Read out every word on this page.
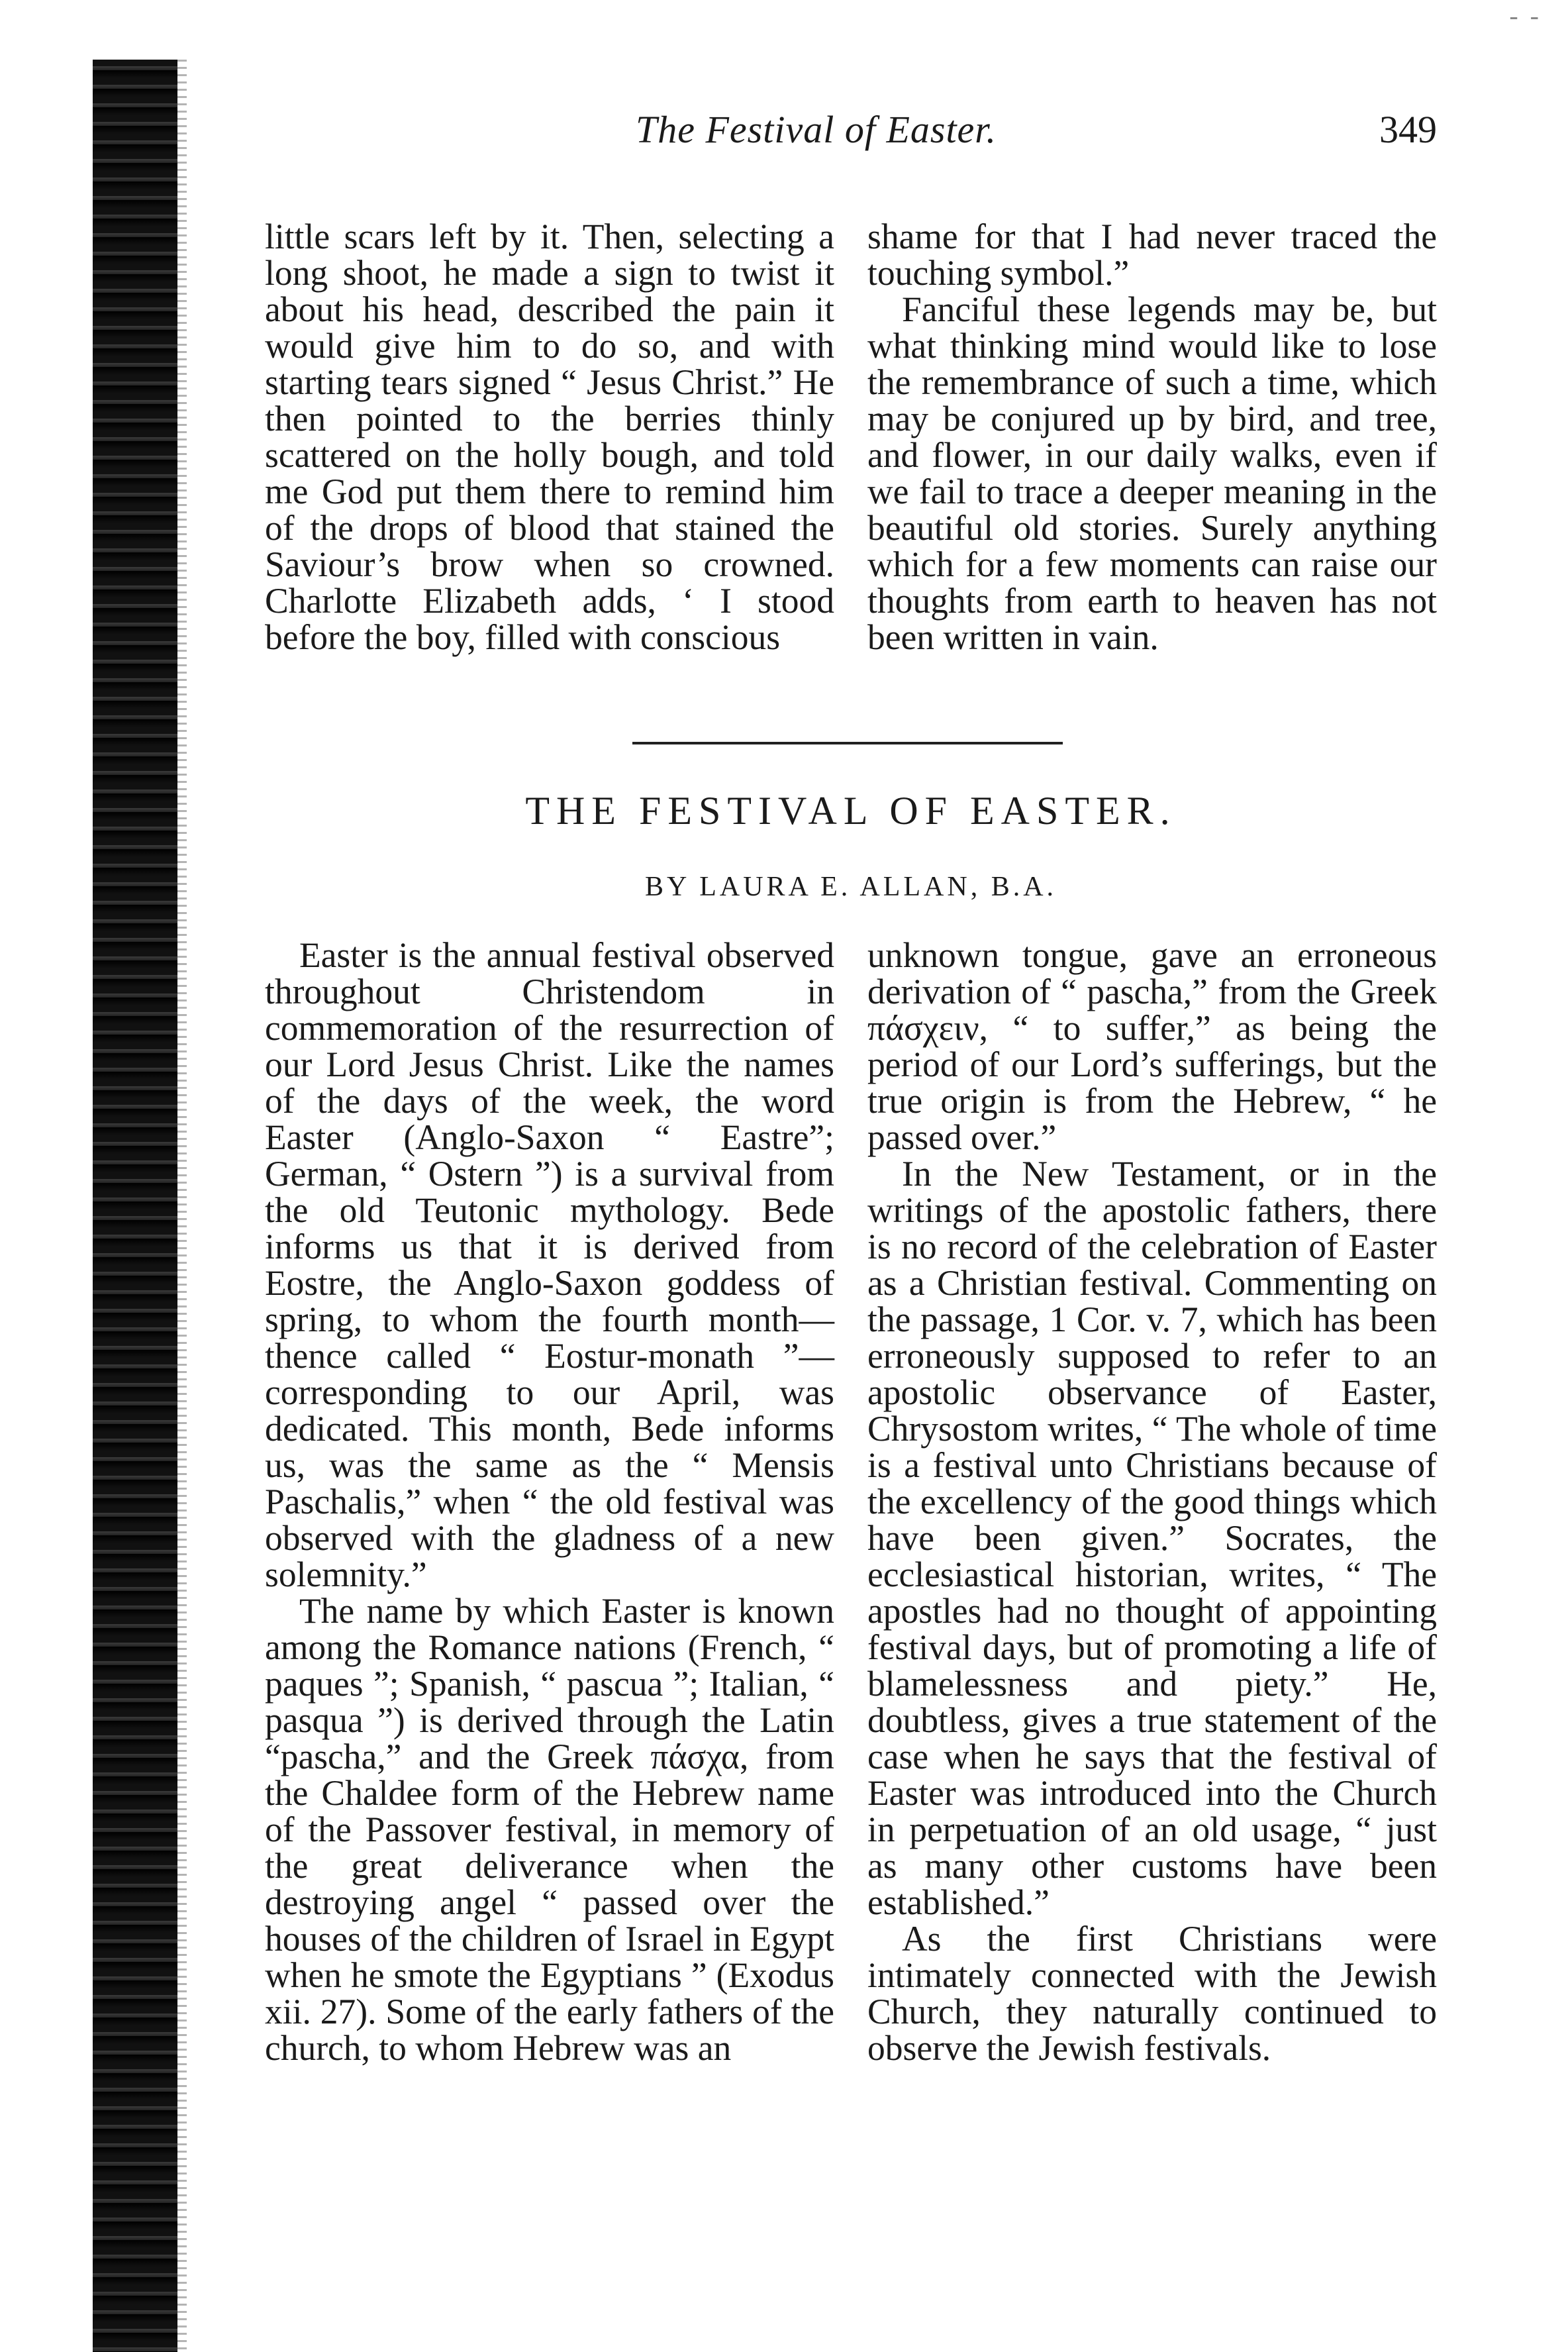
- -
The Festival of Easter.	349

little scars left by it. Then, selecting a long shoot, he made a sign to twist it about his head, described the pain it would give him to do so, and with starting tears signed “ Jesus Christ.” He then pointed to the berries thinly scattered on the holly bough, and told me God put them there to remind him of the drops of blood that stained the Saviour’s brow when so crowned. Charlotte Elizabeth adds, ‘ I stood before the boy, filled with conscious

shame for that I had never traced the touching symbol.”

Fanciful these legends may be, but what thinking mind would like to lose the remembrance of such a time, which may be conjured up by bird, and tree, and flower, in our daily walks, even if we fail to trace a deeper meaning in the beautiful old stories. Surely anything which for a few moments can raise our thoughts from earth to heaven has not been written in vain.

THE FESTIVAL OF EASTER.
BY LAURA E. ALLAN, B.A.

Easter is the annual festival observed throughout Christendom in commemoration of the resurrection of our Lord Jesus Christ. Like the names of the days of the week, the word Easter (Anglo-Saxon “ Eastre”; German, “ Ostern ”) is a survival from the old Teutonic mythology. Bede informs us that it is derived from Eostre, the Anglo-Saxon goddess of spring, to whom the fourth month—thence called “ Eostur-monath ”—corresponding to our April, was dedicated. This month, Bede informs us, was the same as the “ Mensis Paschalis,” when “ the old festival was observed with the gladness of a new solemnity.”

The name by which Easter is known among the Romance nations (French, “ paques ”; Spanish, “ pascua ”; Italian, “ pasqua ”) is derived through the Latin “pascha,” and the Greek πάσχα, from the Chaldee form of the Hebrew name of the Passover festival, in memory of the great deliverance when the destroying angel “ passed over the houses of the children of Israel in Egypt when he smote the Egyptians ” (Exodus xii. 27). Some of the early fathers of the church, to whom Hebrew was an

unknown tongue, gave an erroneous derivation of “ pascha,” from the Greek πάσχειν, “ to suffer,” as being the period of our Lord’s sufferings, but the true origin is from the Hebrew, “ he passed over.”

In the New Testament, or in the writings of the apostolic fathers, there is no record of the celebration of Easter as a Christian festival. Commenting on the passage, 1 Cor. v. 7, which has been erroneously supposed to refer to an apostolic observance of Easter, Chrysostom writes, “ The whole of time is a festival unto Christians because of the excellency of the good things which have been given.” Socrates, the ecclesiastical historian, writes, “ The apostles had no thought of appointing festival days, but of promoting a life of blamelessness and piety.” He, doubtless, gives a true statement of the case when he says that the festival of Easter was introduced into the Church in perpetuation of an old usage, “ just as many other customs have been established.”

As the first Christians were intimately connected with the Jewish Church, they naturally continued to observe the Jewish festivals.
